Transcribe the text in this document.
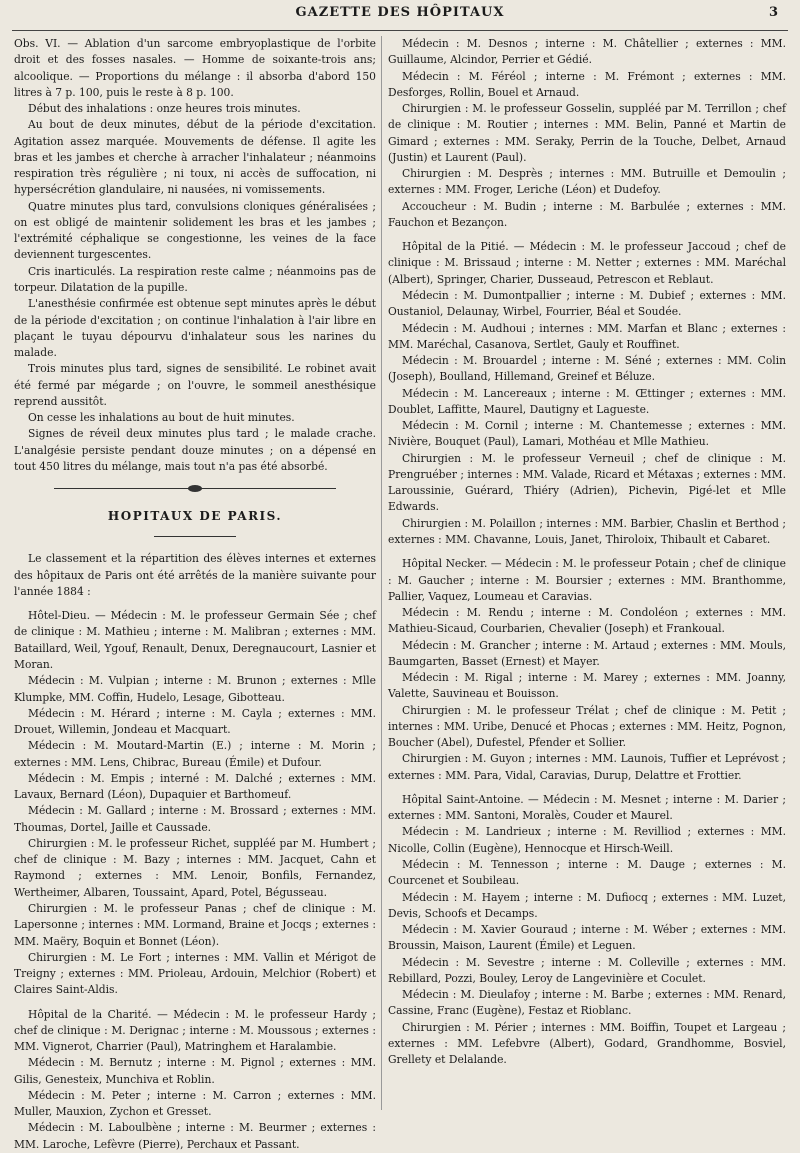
GAZETTE DES HÔPITAUX	3

Obs. VI. — Ablation d'un sarcome embryoplastique de l'orbite droit et des fosses nasales. — Homme de soixante-trois ans; alcoolique. — Proportions du mélange : il absorba d'abord 150 litres à 7 p. 100, puis le reste à 8 p. 100.

Début des inhalations : onze heures trois minutes.

Au bout de deux minutes, début de la période d'excitation. Agitation assez marquée. Mouvements de défense. Il agite les bras et les jambes et cherche à arracher l'inhalateur ; néanmoins respiration très régulière ; ni toux, ni accès de suffocation, ni hypersécrétion glandulaire, ni nausées, ni vomissements.

Quatre minutes plus tard, convulsions cloniques généralisées ; on est obligé de maintenir solidement les bras et les jambes ; l'extrémité céphalique se congestionne, les veines de la face deviennent turgescentes.

Cris inarticulés. La respiration reste calme ; néanmoins pas de torpeur. Dilatation de la pupille.

L'anesthésie confirmée est obtenue sept minutes après le début de la période d'excitation ; on continue l'inhalation à l'air libre en plaçant le tuyau dépourvu d'inhalateur sous les narines du malade.

Trois minutes plus tard, signes de sensibilité. Le robinet avait été fermé par mégarde ; on l'ouvre, le sommeil anesthésique reprend aussitôt.

On cesse les inhalations au bout de huit minutes.

Signes de réveil deux minutes plus tard ; le malade crache. L'analgésie persiste pendant douze minutes ; on a dépensé en tout 450 litres du mélange, mais tout n'a pas été absorbé.

HOPITAUX DE PARIS.

Le classement et la répartition des élèves internes et externes des hôpitaux de Paris ont été arrêtés de la manière suivante pour l'année 1884 :

Hôtel-Dieu. — Médecin : M. le professeur Germain Sée ; chef de clinique : M. Mathieu ; interne : M. Malibran ; externes : MM. Bataillard, Weil, Ygouf, Renault, Denux, Deregnaucourt, Lasnier et Moran.

Médecin : M. Vulpian ; interne : M. Brunon ; externes : Mlle Klumpke, MM. Coffin, Hudelo, Lesage, Gibotteau.

Médecin : M. Hérard ; interne : M. Cayla ; externes : MM. Drouet, Willemin, Jondeau et Macquart.

Médecin : M. Moutard-Martin (E.) ; interne : M. Morin ; externes : MM. Lens, Chibrac, Bureau (Émile) et Dufour.

Médecin : M. Empis ; interné : M. Dalché ; externes : MM. Lavaux, Bernard (Léon), Dupaquier et Barthomeuf.

Médecin : M. Gallard ; interne : M. Brossard ; externes : MM. Thoumas, Dortel, Jaille et Caussade.

Chirurgien : M. le professeur Richet, suppléé par M. Humbert ; chef de clinique : M. Bazy ; internes : MM. Jacquet, Cahn et Raymond ; externes : MM. Lenoir, Bonfils, Fernandez, Wertheimer, Albaren, Toussaint, Apard, Potel, Bégusseau.

Chirurgien : M. le professeur Panas ; chef de clinique : M. Lapersonne ; internes : MM. Lormand, Braine et Jocqs ; externes : MM. Maëry, Boquin et Bonnet (Léon).

Chirurgien : M. Le Fort ; internes : MM. Vallin et Mérigot de Treigny ; externes : MM. Prioleau, Ardouin, Melchior (Robert) et Claires Saint-Aldis.

Hôpital de la Charité. — Médecin : M. le professeur Hardy ; chef de clinique : M. Derignac ; interne : M. Moussous ; externes : MM. Vignerot, Charrier (Paul), Matringhem et Haralambie.

Médecin : M. Bernutz ; interne : M. Pignol ; externes : MM. Gilis, Genesteix, Munchiva et Roblin.

Médecin : M. Peter ; interne : M. Carron ; externes : MM. Muller, Mauxion, Zychon et Gresset.

Médecin : M. Laboulbène ; interne : M. Beurmer ; externes : MM. Laroche, Lefèvre (Pierre), Perchaux et Passant.

Médecin : M. Desnos ; interne : M. Châtellier ; externes : MM. Guillaume, Alcindor, Perrier et Gédié.

Médecin : M. Féréol ; interne : M. Frémont ; externes : MM. Desforges, Rollin, Bouel et Arnaud.

Chirurgien : M. le professeur Gosselin, suppléé par M. Terrillon ; chef de clinique : M. Routier ; internes : MM. Belin, Panné et Martin de Gimard ; externes : MM. Seraky, Perrin de la Touche, Delbet, Arnaud (Justin) et Laurent (Paul).

Chirurgien : M. Desprès ; internes : MM. Butruille et Demoulin ; externes : MM. Froger, Leriche (Léon) et Dudefoy.

Accoucheur : M. Budin ; interne : M. Barbulée ; externes : MM. Fauchon et Bezançon.

Hôpital de la Pitié. — Médecin : M. le professeur Jaccoud ; chef de clinique : M. Brissaud ; interne : M. Netter ; externes : MM. Maréchal (Albert), Springer, Charier, Dusseaud, Petrescon et Reblaut.

Médecin : M. Dumontpallier ; interne : M. Dubief ; externes : MM. Oustaniol, Delaunay, Wirbel, Fourrier, Béal et Soudée.

Médecin : M. Audhoui ; internes : MM. Marfan et Blanc ; externes : MM. Maréchal, Casanova, Sertlet, Gauly et Rouffinet.

Médecin : M. Brouardel ; interne : M. Séné ; externes : MM. Colin (Joseph), Boulland, Hillemand, Greinef et Béluze.

Médecin : M. Lancereaux ; interne : M. Œttinger ; externes : MM. Doublet, Laffitte, Maurel, Dautigny et Lagueste.

Médecin : M. Cornil ; interne : M. Chantemesse ; externes : MM. Nivière, Bouquet (Paul), Lamari, Mothéau et Mlle Mathieu.

Chirurgien : M. le professeur Verneuil ; chef de clinique : M. Prengruéber ; internes : MM. Valade, Ricard et Métaxas ; externes : MM. Laroussinie, Guérard, Thiéry (Adrien), Pichevin, Pigé-let et Mlle Edwards.

Chirurgien : M. Polaillon ; internes : MM. Barbier, Chaslin et Berthod ; externes : MM. Chavanne, Louis, Janet, Thiroloix, Thibault et Cabaret.

Hôpital Necker. — Médecin : M. le professeur Potain ; chef de clinique : M. Gaucher ; interne : M. Boursier ; externes : MM. Branthomme, Pallier, Vaquez, Loumeau et Caravias.

Médecin : M. Rendu ; interne : M. Condoléon ; externes : MM. Mathieu-Sicaud, Courbarien, Chevalier (Joseph) et Frankoual.

Médecin : M. Grancher ; interne : M. Artaud ; externes : MM. Mouls, Baumgarten, Basset (Ernest) et Mayer.

Médecin : M. Rigal ; interne : M. Marey ; externes : MM. Joanny, Valette, Sauvineau et Bouisson.

Chirurgien : M. le professeur Trélat ; chef de clinique : M. Petit ; internes : MM. Uribe, Denucé et Phocas ; externes : MM. Heitz, Pognon, Boucher (Abel), Dufestel, Pfender et Sollier.

Chirurgien : M. Guyon ; internes : MM. Launois, Tuffier et Leprévost ; externes : MM. Para, Vidal, Caravias, Durup, Delattre et Frottier.

Hôpital Saint-Antoine. — Médecin : M. Mesnet ; interne : M. Darier ; externes : MM. Santoni, Moralès, Couder et Maurel.

Médecin : M. Landrieux ; interne : M. Revilliod ; externes : MM. Nicolle, Collin (Eugène), Hennocque et Hirsch-Weill.

Médecin : M. Tennesson ; interne : M. Dauge ; externes : M. Courcenet et Soubileau.

Médecin : M. Hayem ; interne : M. Dufiocq ; externes : MM. Luzet, Devis, Schoofs et Decamps.

Médecin : M. Xavier Gouraud ; interne : M. Wéber ; externes : MM. Broussin, Maison, Laurent (Émile) et Leguen.

Médecin : M. Sevestre ; interne : M. Colleville ; externes : MM. Rebillard, Pozzi, Bouley, Leroy de Langevinière et Coculet.

Médecin : M. Dieulafoy ; interne : M. Barbe ; externes : MM. Renard, Cassine, Franc (Eugène), Festaz et Rioblanc.

Chirurgien : M. Périer ; internes : MM. Boiffin, Toupet et Largeau ; externes : MM. Lefebvre (Albert), Godard, Grandhomme, Bosviel, Grellety et Delalande.
